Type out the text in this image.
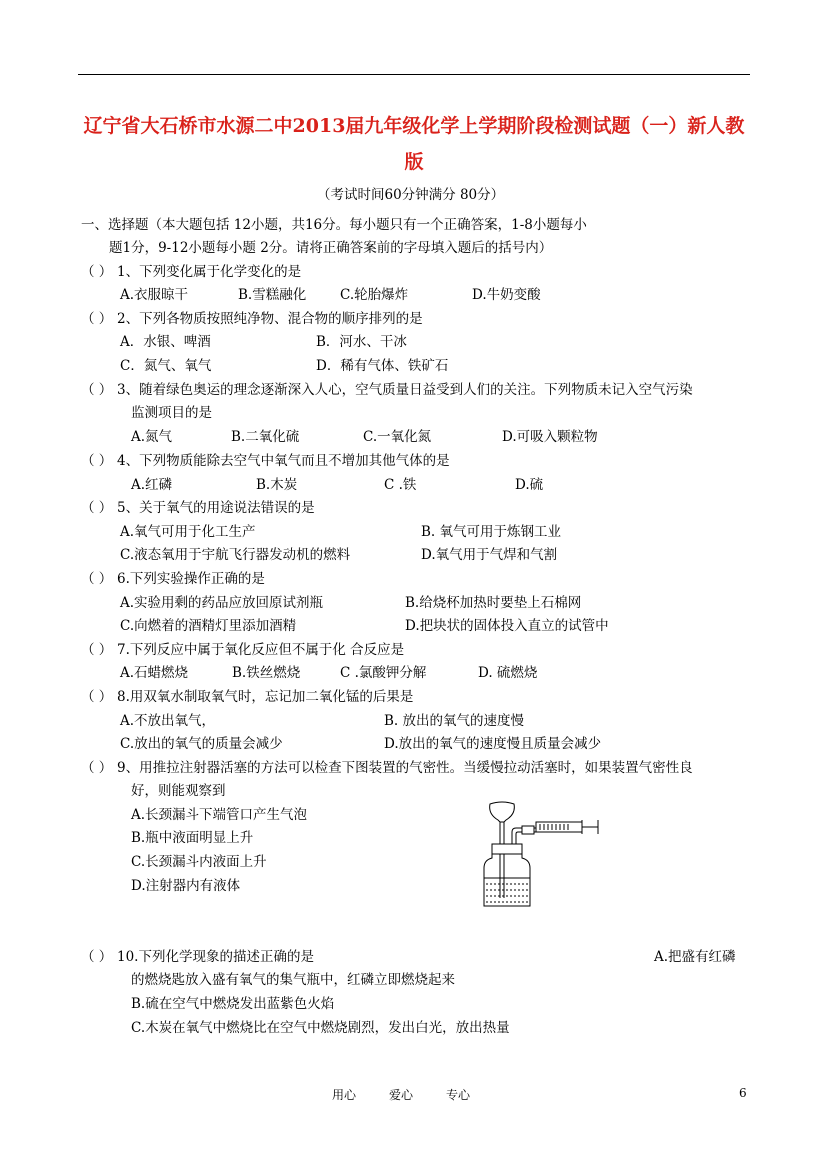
辽宁省大石桥市水源二中2013届九年级化学上学期阶段检测试题（一）新人教
版
（考试时间60分钟满分 80分）
一、选择题（本大题包括 12小题，共16分。每小题只有一个正确答案，1-8小题每小
题1分，9-12小题每小题 2分。请将正确答案前的字母填入题后的括号内）
（ ） 1、下列变化属于化学变化的是
A.衣服晾干	B.雪糕融化	C.轮胎爆炸	D.牛奶变酸
（ ） 2、下列各物质按照纯净物、混合物的顺序排列的是
A．水银、啤酒	B．河水、干冰
C．氮气、氧气	D．稀有气体、铁矿石
（ ） 3、随着绿色奥运的理念逐渐深入人心，空气质量日益受到人们的关注。下列物质未记入空气污染
监测项目的是
A.氮气	B.二氧化硫	C.一氧化氮	D.可吸入颗粒物
（ ） 4、下列物质能除去空气中氧气而且不增加其他气体的是
A.红磷	B.木炭	C .铁	D.硫
（ ） 5、关于氧气的用途说法错误的是
A.氧气可用于化工生产	B. 氧气可用于炼钢工业
C.液态氧用于宇航飞行器发动机的燃料	D.氧气用于气焊和气割
（ ） 6.下列实验操作正确的是
A.实验用剩的药品应放回原试剂瓶	B.给烧杯加热时要垫上石棉网
C.向燃着的酒精灯里添加酒精	D.把块状的固体投入直立的试管中
（ ） 7.下列反应中属于氧化反应但不属于化 合反应是
A.石蜡燃烧	B.铁丝燃烧	C .氯酸钾分解	D. 硫燃烧
（ ） 8.用双氧水制取氧气时，忘记加二氧化锰的后果是
A.不放出氧气，	B. 放出的氧气的速度慢
C.放出的氧气的质量会减少	D.放出的氧气的速度慢且质量会减少
（ ） 9、用推拉注射器活塞的方法可以检查下图装置的气密性。当缓慢拉动活塞时，如果装置气密性良
好，则能观察到
A.长颈漏斗下端管口产生气泡
B.瓶中液面明显上升
C.长颈漏斗内液面上升
D.注射器内有液体
（ ） 10.下列化学现象的描述正确的是	A.把盛有红磷
的燃烧匙放入盛有氧气的集气瓶中，红磷立即燃烧起来
B.硫在空气中燃烧发出蓝紫色火焰
C.木炭在氧气中燃烧比在空气中燃烧剧烈，发出白光，放出热量
用心	爱心	专心	6
